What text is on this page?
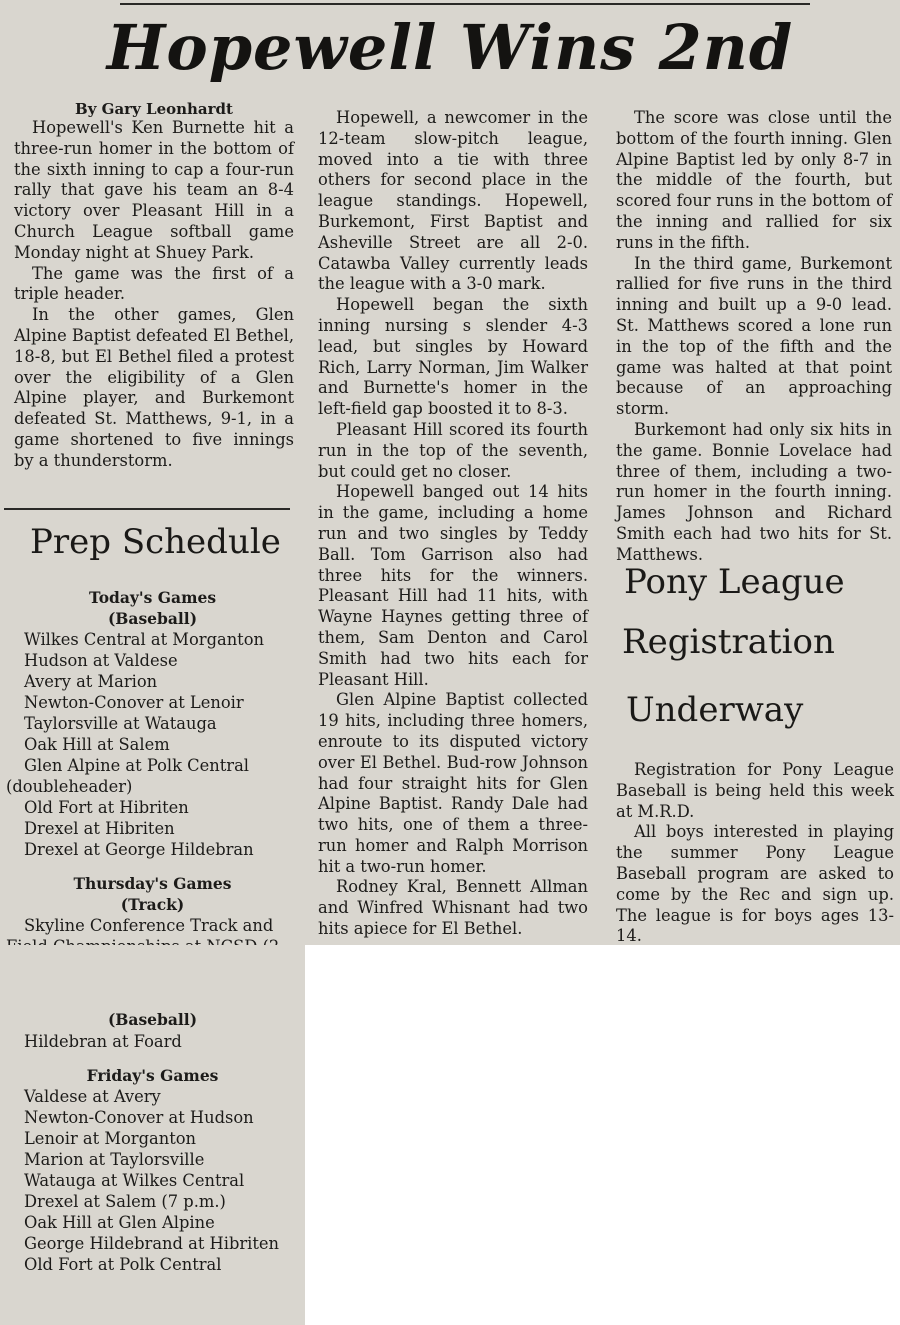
Hopewell Wins 2nd

By Gary Leonhardt

Hopewell's Ken Burnette hit a three-run homer in the bottom of the sixth inning to cap a four-run rally that gave his team an 8-4 victory over Pleasant Hill in a Church League softball game Monday night at Shuey Park.

The game was the first of a triple header.

In the other games, Glen Alpine Baptist defeated El Bethel, 18-8, but El Bethel filed a protest over the eligibility of a Glen Alpine player, and Burkemont defeated St. Matthews, 9-1, in a game shortened to five innings by a thunderstorm.

Prep Schedule
Today's Games
(Baseball)
Wilkes Central at Morganton
Hudson at Valdese
Avery at Marion
Newton-Conover at Lenoir
Taylorsville at Watauga
Oak Hill at Salem
Glen Alpine at Polk Central
(doubleheader)
Old Fort at Hibriten
Drexel at Hibriten
Drexel at George Hildebran
Thursday's Games
(Track)
Skyline Conference Track and

Hopewell, a newcomer in the 12-team slow-pitch league, moved into a tie with three others for second place in the league standings. Hopewell, Burkemont, First Baptist and Asheville Street are all 2-0. Catawba Valley currently leads the league with a 3-0 mark.

Hopewell began the sixth inning nursing s slender 4-3 lead, but singles by Howard Rich, Larry Norman, Jim Walker and Burnette's homer in the left-field gap boosted it to 8-3.

Pleasant Hill scored its fourth run in the top of the seventh, but could get no closer.

Hopewell banged out 14 hits in the game, including a home run and two singles by Teddy Ball. Tom Garrison also had three hits for the winners. Pleasant Hill had 11 hits, with Wayne Haynes getting three of them, Sam Denton and Carol Smith had two hits each for Pleasant Hill.

Glen Alpine Baptist collected 19 hits, including three homers, enroute to its disputed victory over El Bethel. Bud-row Johnson had four straight hits for Glen Alpine Baptist. Randy Dale had two hits, one of them a three-run homer and Ralph Morrison hit a two-run homer.

Rodney Kral, Bennett Allman and Winfred Whisnant had two hits apiece for El Bethel.

The score was close until the bottom of the fourth inning. Glen Alpine Baptist led by only 8-7 in the middle of the fourth, but scored four runs in the bottom of the inning and rallied for six runs in the fifth.

In the third game, Burkemont rallied for five runs in the third inning and built up a 9-0 lead. St. Matthews scored a lone run in the top of the fifth and the game was halted at that point because of an approaching storm.

Burkemont had only six hits in the game. Bonnie Lovelace had three of them, including a two-run homer in the fourth inning. James Johnson and Richard Smith each had two hits for St. Matthews.

Pony League
Registration
Underway

Registration for Pony League Baseball is being held this week at M.R.D.

All boys interested in playing the summer Pony League Baseball program are asked to come by the Rec and sign up. The league is for boys ages 13-14.

(Baseball)
Hildebran at Foard
Friday's Games
Valdese at Avery
Newton-Conover at Hudson
Lenoir at Morganton
Marion at Taylorsville
Watauga at Wilkes Central
Drexel at Salem (7 p.m.)
Oak Hill at Glen Alpine
George Hildebrand at Hibriten
Old Fort at Polk Central
